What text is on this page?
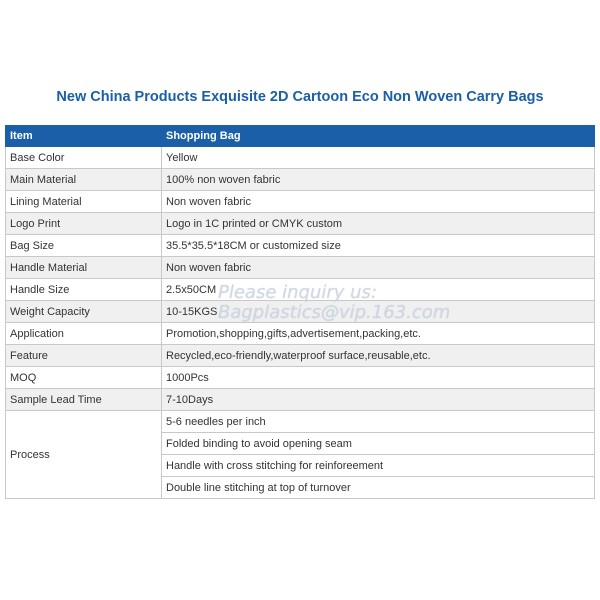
New China Products Exquisite 2D Cartoon Eco Non Woven Carry Bags
Item	Shopping Bag
Base Color	Yellow
Main Material	100% non woven fabric
Lining Material	Non woven fabric
Logo Print	Logo in 1C printed or CMYK custom
Bag Size	35.5*35.5*18CM or customized size
Handle Material	Non woven fabric
Handle Size	2.5x50CM
Weight Capacity	10-15KGS
Application	Promotion,shopping,gifts,advertisement,packing,etc.
Feature	Recycled,eco-friendly,waterproof surface,reusable,etc.
MOQ	1000Pcs
Sample Lead Time	7-10Days
Process	5-6 needles per inch
	Folded binding to avoid opening seam
	Handle with cross stitching for reinforeement
	Double line stitching at top of turnover
Please inquiry us:
Bagplastics@vip.163.com
